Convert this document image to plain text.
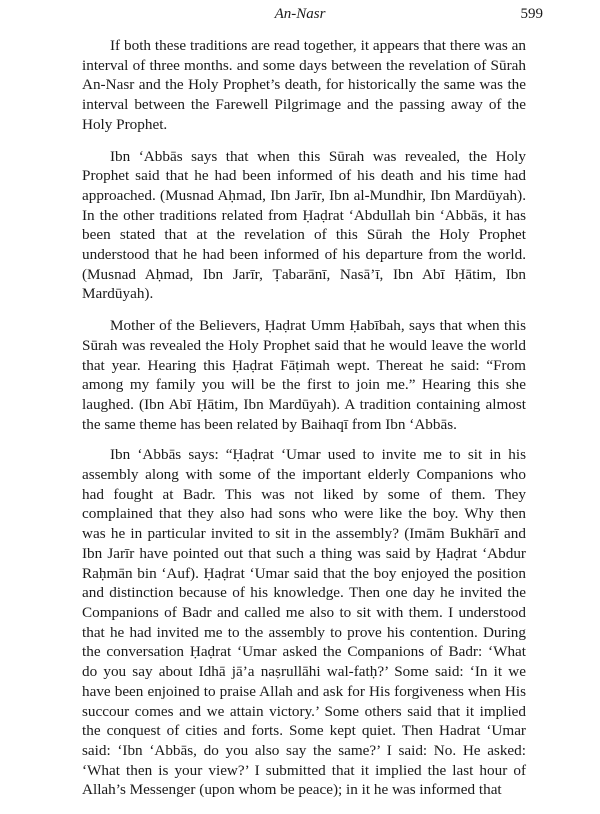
An-Nasr	599

If both these traditions are read together, it appears that there was an interval of three months. and some days between the revelation of Sūrah An-Nasr and the Holy Prophet’s death, for historically the same was the interval between the Farewell Pilgrimage and the passing away of the Holy Prophet.

Ibn ‘Abbās says that when this Sūrah was revealed, the Holy Prophet said that he had been informed of his death and his time had approached. (Musnad Aḥmad, Ibn Jarīr, Ibn al-Mundhir, Ibn Mardūyah). In the other traditions related from Ḥaḍrat ‘Abdullah bin ‘Abbās, it has been stated that at the revelation of this Sūrah the Holy Prophet understood that he had been informed of his departure from the world. (Musnad Aḥmad, Ibn Jarīr, Ṭabarānī, Nasā’ī, Ibn Abī Ḥātim, Ibn Mardūyah).

Mother of the Believers, Ḥaḍrat Umm Ḥabībah, says that when this Sūrah was revealed the Holy Prophet said that he would leave the world that year. Hearing this Ḥaḍrat Fāṭimah wept. Thereat he said: “From among my family you will be the first to join me.” Hearing this she laughed. (Ibn Abī Ḥātim, Ibn Mardūyah). A tradition containing almost the same theme has been related by Baihaqī from Ibn ‘Abbās.

Ibn ‘Abbās says: “Ḥaḍrat ‘Umar used to invite me to sit in his assembly along with some of the important elderly Companions who had fought at Badr. This was not liked by some of them. They complained that they also had sons who were like the boy. Why then was he in particular invited to sit in the assembly? (Imām Bukhārī and Ibn Jarīr have pointed out that such a thing was said by Ḥaḍrat ‘Abdur Raḥmān bin ‘Auf). Ḥaḍrat ‘Umar said that the boy enjoyed the position and distinction because of his knowledge. Then one day he invited the Companions of Badr and called me also to sit with them. I understood that he had invited me to the assembly to prove his contention. During the conversation Ḥaḍrat ‘Umar asked the Companions of Badr: ‘What do you say about Idhā jā’a naṣrullāhi wal-fatḥ?’ Some said: ‘In it we have been enjoined to praise Allah and ask for His forgiveness when His succour comes and we attain victory.’ Some others said that it implied the conquest of cities and forts. Some kept quiet. Then Hadrat ‘Umar said: ‘Ibn ‘Abbās, do you also say the same?’ I said: No. He asked: ‘What then is your view?’ I submitted that it implied the last hour of Allah’s Messenger (upon whom be peace); in it he was informed that
